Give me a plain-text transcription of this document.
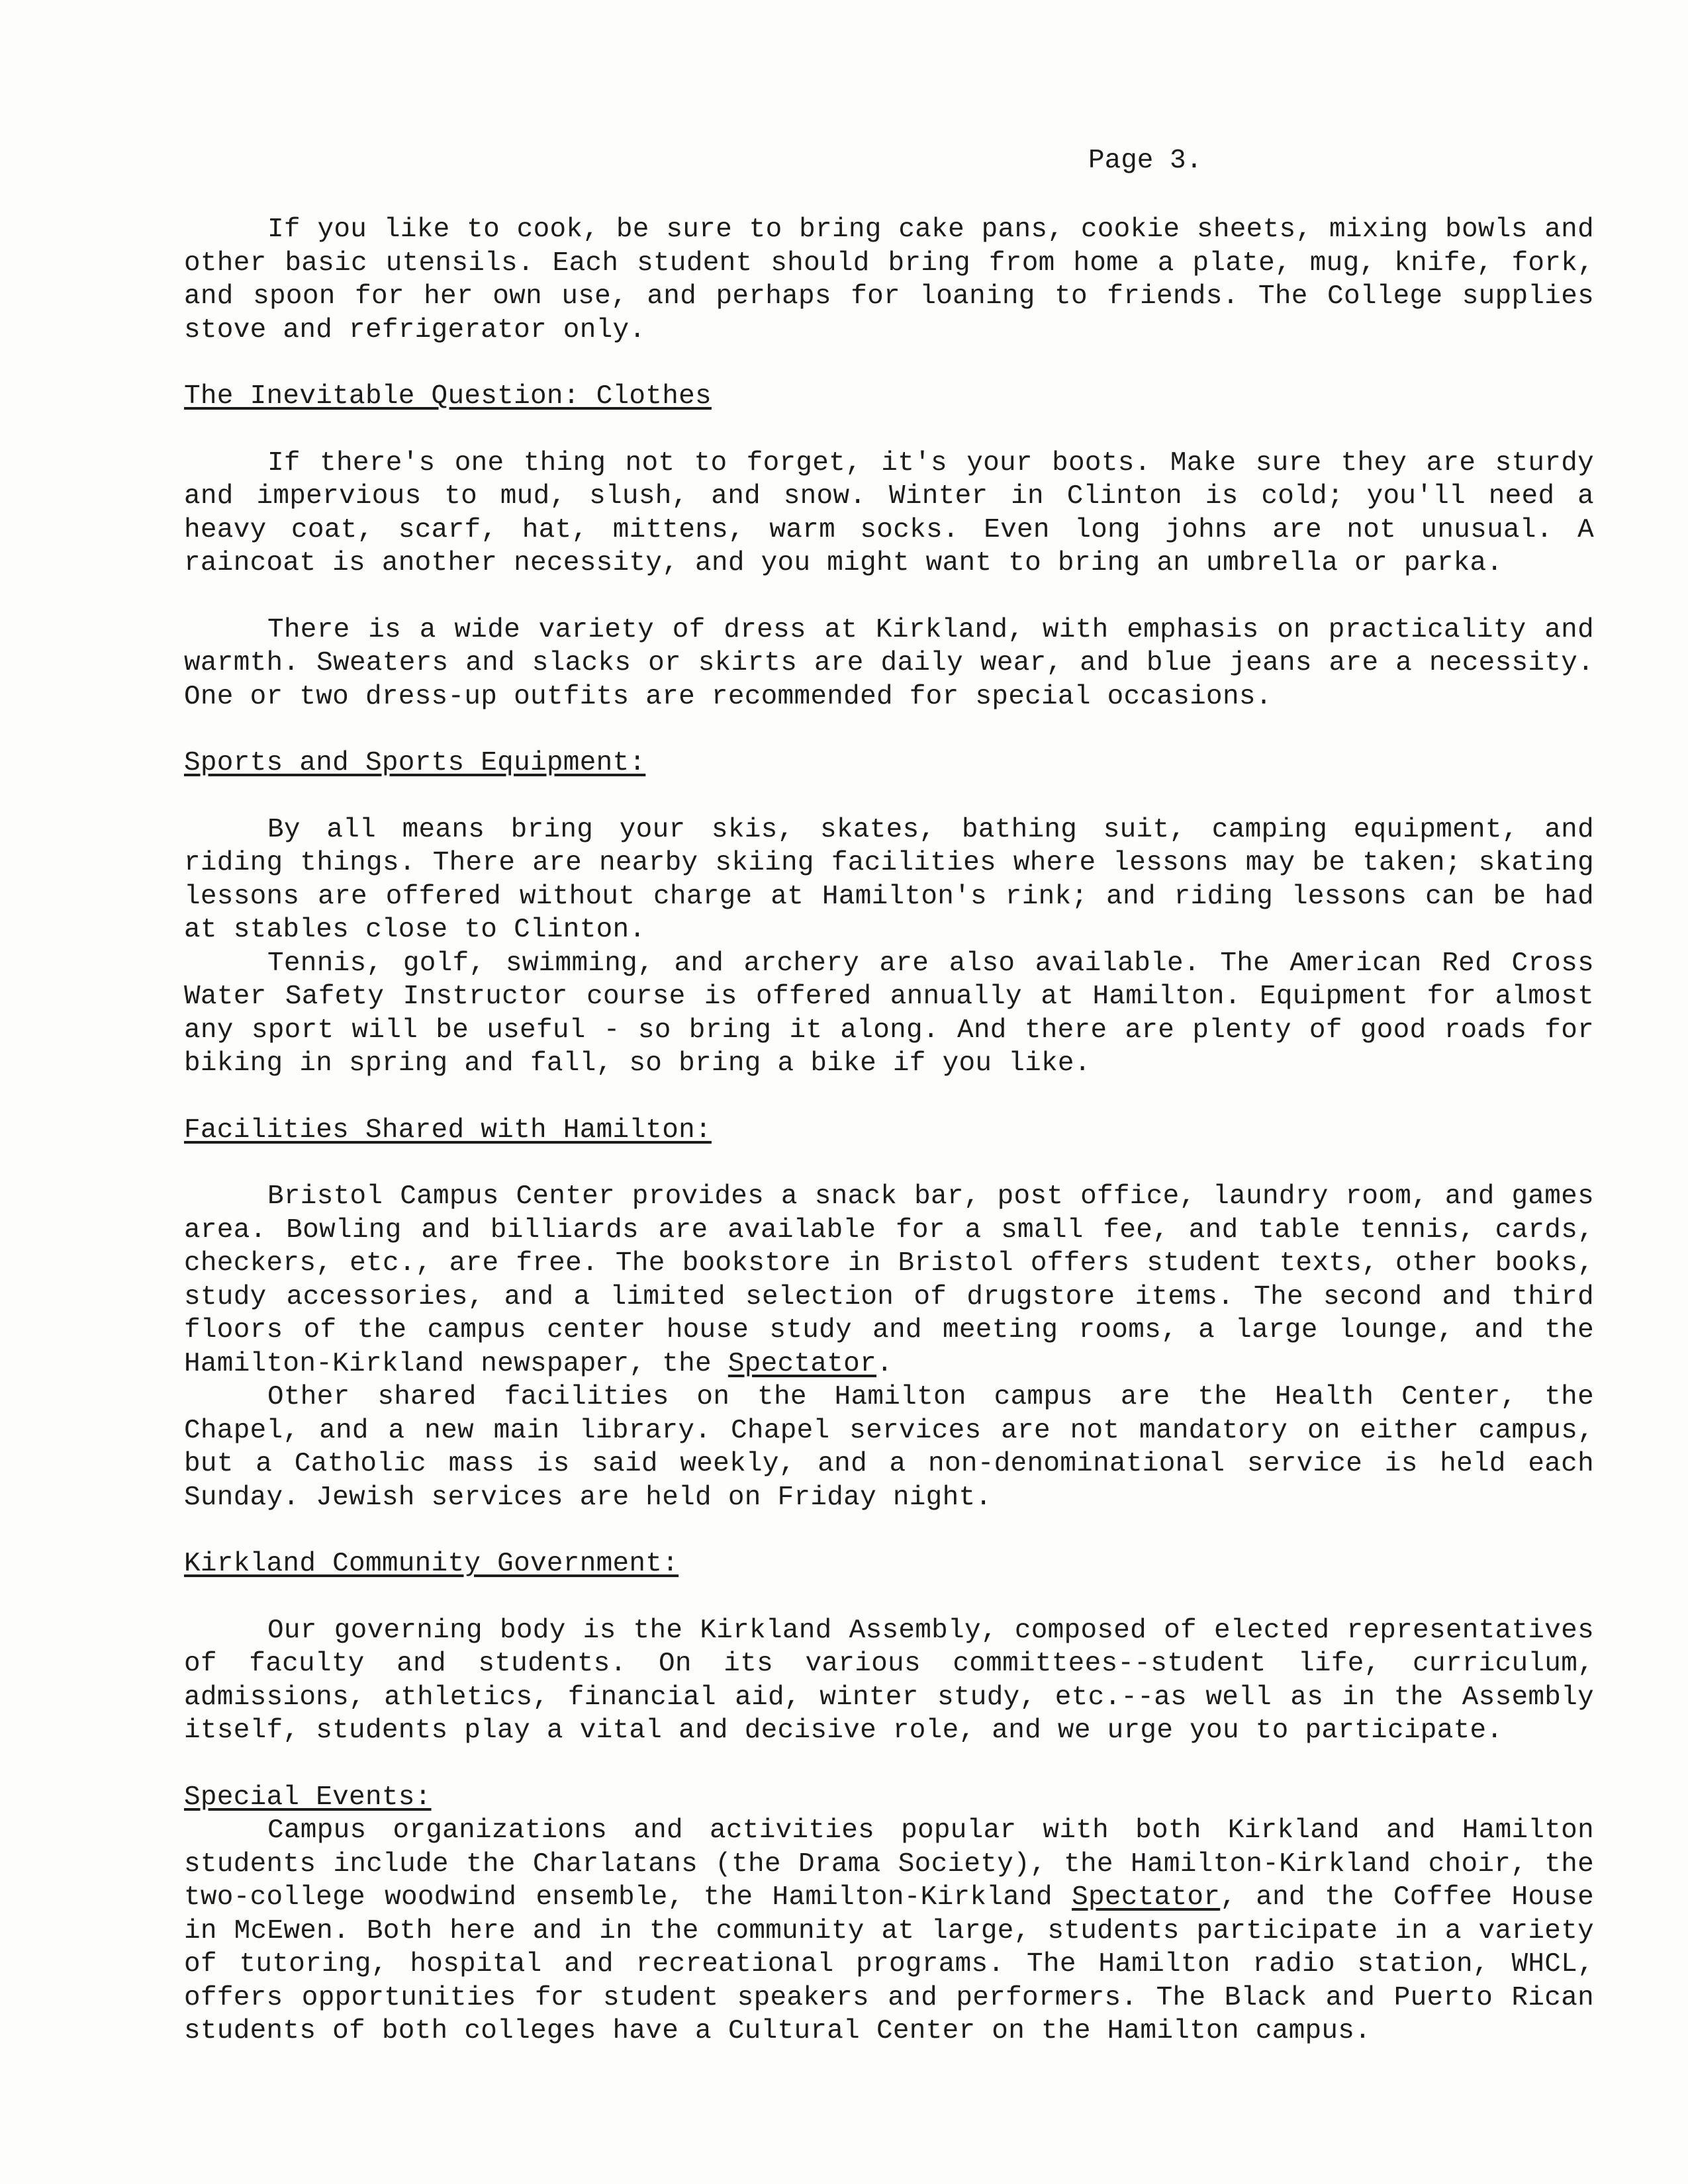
Page 3.

If you like to cook, be sure to bring cake pans, cookie sheets, mixing bowls and other basic utensils. Each student should bring from home a plate, mug, knife, fork, and spoon for her own use, and perhaps for loaning to friends. The College supplies stove and refrigerator only.

The Inevitable Question: Clothes

If there's one thing not to forget, it's your boots. Make sure they are sturdy and impervious to mud, slush, and snow. Winter in Clinton is cold; you'll need a heavy coat, scarf, hat, mittens, warm socks. Even long johns are not unusual. A raincoat is another necessity, and you might want to bring an umbrella or parka.

There is a wide variety of dress at Kirkland, with emphasis on practicality and warmth. Sweaters and slacks or skirts are daily wear, and blue jeans are a necessity. One or two dress-up outfits are recommended for special occasions.

Sports and Sports Equipment:

By all means bring your skis, skates, bathing suit, camping equipment, and riding things. There are nearby skiing facilities where lessons may be taken; skating lessons are offered without charge at Hamilton's rink; and riding lessons can be had at stables close to Clinton.

Tennis, golf, swimming, and archery are also available. The American Red Cross Water Safety Instructor course is offered annually at Hamilton. Equipment for almost any sport will be useful - so bring it along. And there are plenty of good roads for biking in spring and fall, so bring a bike if you like.

Facilities Shared with Hamilton:

Bristol Campus Center provides a snack bar, post office, laundry room, and games area. Bowling and billiards are available for a small fee, and table tennis, cards, checkers, etc., are free. The bookstore in Bristol offers student texts, other books, study accessories, and a limited selection of drugstore items. The second and third floors of the campus center house study and meeting rooms, a large lounge, and the Hamilton-Kirkland newspaper, the Spectator.

Other shared facilities on the Hamilton campus are the Health Center, the Chapel, and a new main library. Chapel services are not mandatory on either campus, but a Catholic mass is said weekly, and a non-denominational service is held each Sunday. Jewish services are held on Friday night.

Kirkland Community Government:

Our governing body is the Kirkland Assembly, composed of elected representatives of faculty and students. On its various committees--student life, curriculum, admissions, athletics, financial aid, winter study, etc.--as well as in the Assembly itself, students play a vital and decisive role, and we urge you to participate.

Special Events:

Campus organizations and activities popular with both Kirkland and Hamilton students include the Charlatans (the Drama Society), the Hamilton-Kirkland choir, the two-college woodwind ensemble, the Hamilton-Kirkland Spectator, and the Coffee House in McEwen. Both here and in the community at large, students participate in a variety of tutoring, hospital and recreational programs. The Hamilton radio station, WHCL, offers opportunities for student speakers and performers. The Black and Puerto Rican students of both colleges have a Cultural Center on the Hamilton campus.
